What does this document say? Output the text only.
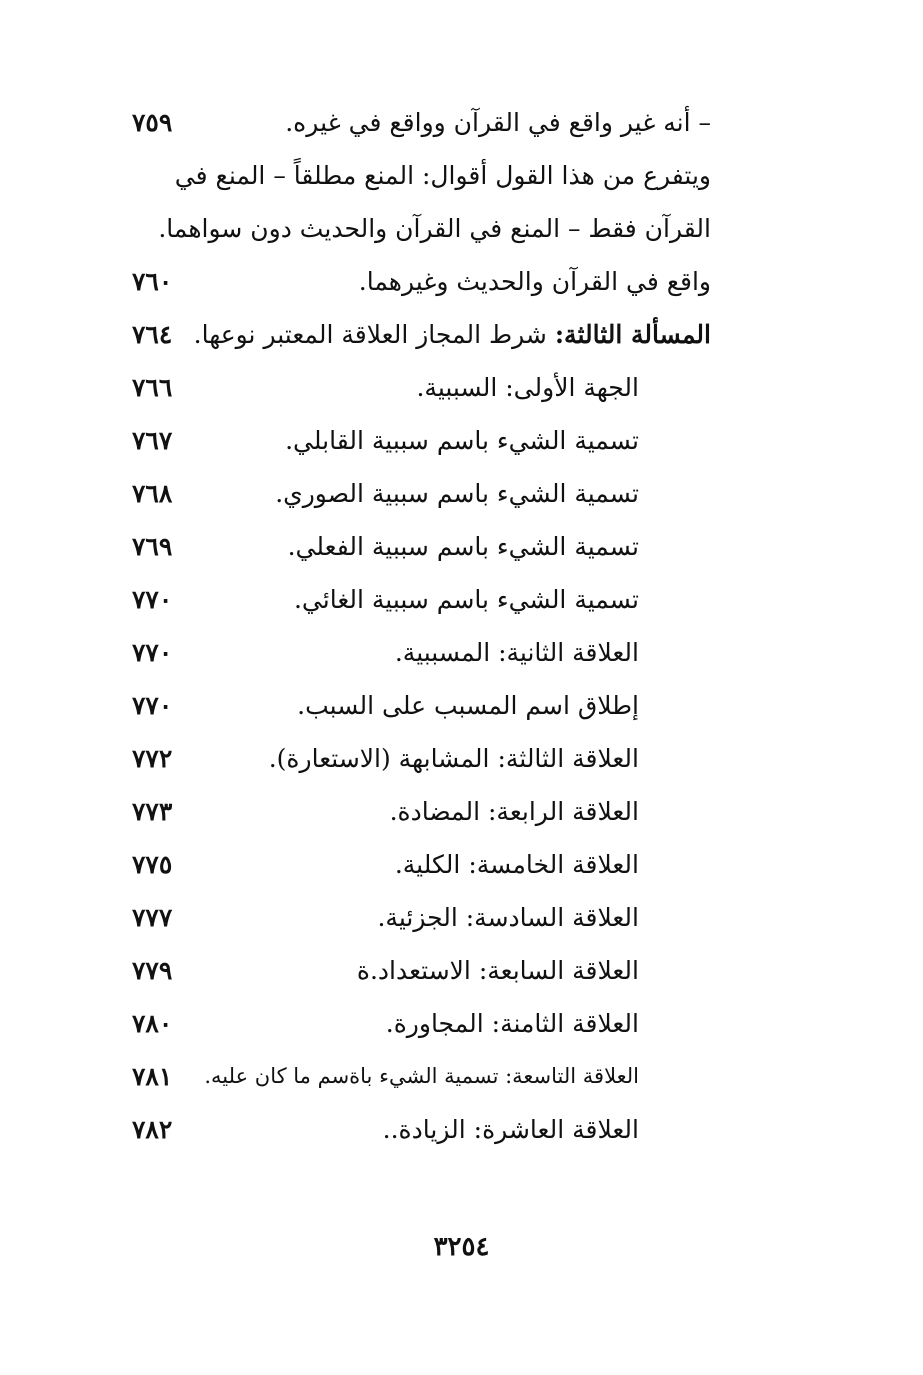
– أنه غير واقع في القرآن وواقع في غيره.
٧٥٩
ويتفرع من هذا القول أقوال: المنع مطلقاً – المنع في
القرآن فقط – المنع في القرآن والحديث دون سواهما.
واقع في القرآن والحديث وغيرهما.
٧٦٠
المسألة الثالثة: شرط المجاز العلاقة المعتبر نوعها.
٧٦٤
الجهة الأولى: السببية.
٧٦٦
تسمية الشيء باسم سببية القابلي.
٧٦٧
تسمية الشيء باسم سببية الصوري.
٧٦٨
تسمية الشيء باسم سببية الفعلي.
٧٦٩
تسمية الشيء باسم سببية الغائي.
٧٧٠
العلاقة الثانية: المسببية.
٧٧٠
إطلاق اسم المسبب على السبب.
٧٧٠
العلاقة الثالثة: المشابهة (الاستعارة).
٧٧٢
العلاقة الرابعة: المضادة.
٧٧٣
العلاقة الخامسة: الكلية.
٧٧٥
العلاقة السادسة: الجزئية.
٧٧٧
العلاقة السابعة: الاستعداد.ة
٧٧٩
العلاقة الثامنة: المجاورة.
٧٨٠
العلاقة التاسعة: تسمية الشيء باةسم ما كان عليه.
٧٨١
العلاقة العاشرة: الزيادة..
٧٨٢
٣٢٥٤
